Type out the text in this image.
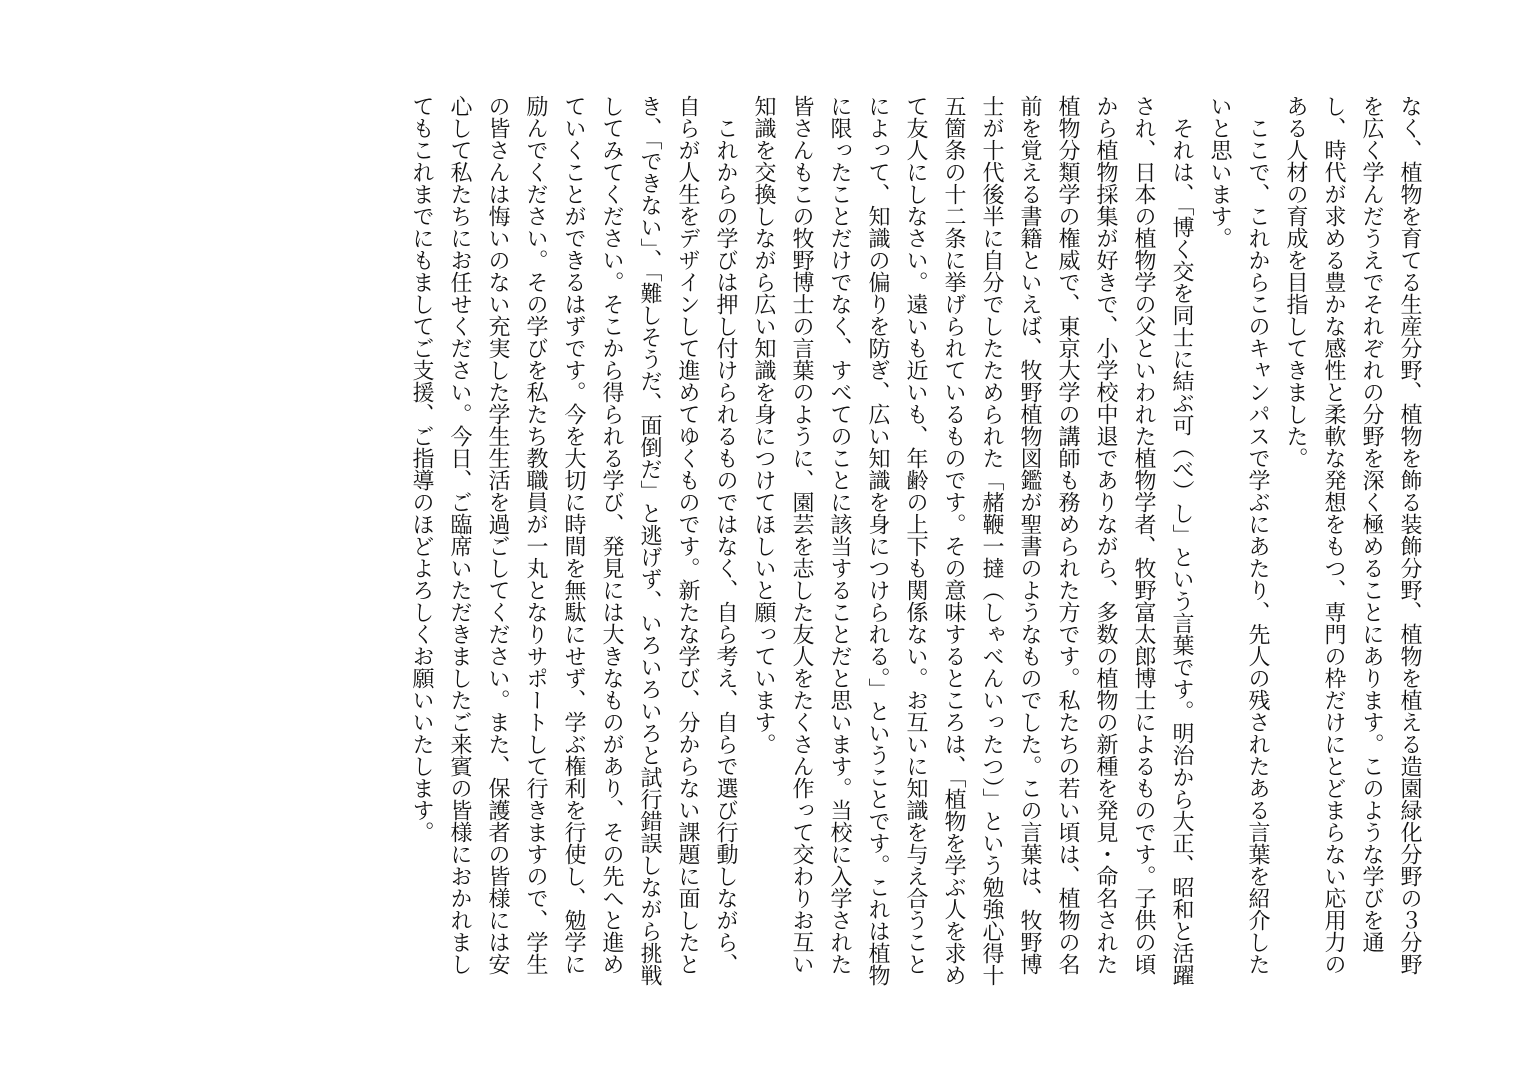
なく、植物を育てる生産分野、植物を飾る装飾分野、植物を植える造園緑化分野の３分野を広く学んだうえでそれぞれの分野を深く極めることにあります。このような学びを通し、時代が求める豊かな感性と柔軟な発想をもつ、専門の枠だけにとどまらない応用力のある人材の育成を目指してきました。

　ここで、これからこのキャンパスで学ぶにあたり、先人の残されたある言葉を紹介したいと思います。

　それは、「博く交を同士に結ぶ可（べ）し」という言葉です。明治から大正、昭和と活躍され、日本の植物学の父といわれた植物学者、牧野富太郎博士によるものです。子供の頃から植物採集が好きで、小学校中退でありながら、多数の植物の新種を発見・命名された植物分類学の権威で、東京大学の講師も務められた方です。私たちの若い頃は、植物の名前を覚える書籍といえば、牧野植物図鑑が聖書のようなものでした。この言葉は、牧野博士が十代後半に自分でしたためられた「赭鞭一撻（しゃべんいったつ）」という勉強心得十五箇条の十二条に挙げられているものです。その意味するところは、「植物を学ぶ人を求めて友人にしなさい。遠いも近いも、年齢の上下も関係ない。お互いに知識を与え合うことによって、知識の偏りを防ぎ、広い知識を身につけられる。」ということです。これは植物に限ったことだけでなく、すべてのことに該当することだと思います。当校に入学された皆さんもこの牧野博士の言葉のように、園芸を志した友人をたくさん作って交わりお互い知識を交換しながら広い知識を身につけてほしいと願っています。

　これからの学びは押し付けられるものではなく、自ら考え、自らで選び行動しながら、自らが人生をデザインして進めてゆくものです。新たな学び、分からない課題に面したとき、「できない」、「難しそうだ、面倒だ」と逃げず、いろいろいろと試行錯誤しながら挑戦してみてください。そこから得られる学び、発見には大きなものがあり、その先へと進めていくことができるはずです。今を大切に時間を無駄にせず、学ぶ権利を行使し、勉学に励んでください。その学びを私たち教職員が一丸となりサポートして行きますので、学生の皆さんは悔いのない充実した学生生活を過ごしてください。また、保護者の皆様には安心して私たちにお任せください。今日、ご臨席いただきましたご来賓の皆様におかれましてもこれまでにもましてご支援、ご指導のほどよろしくお願いいたします。
